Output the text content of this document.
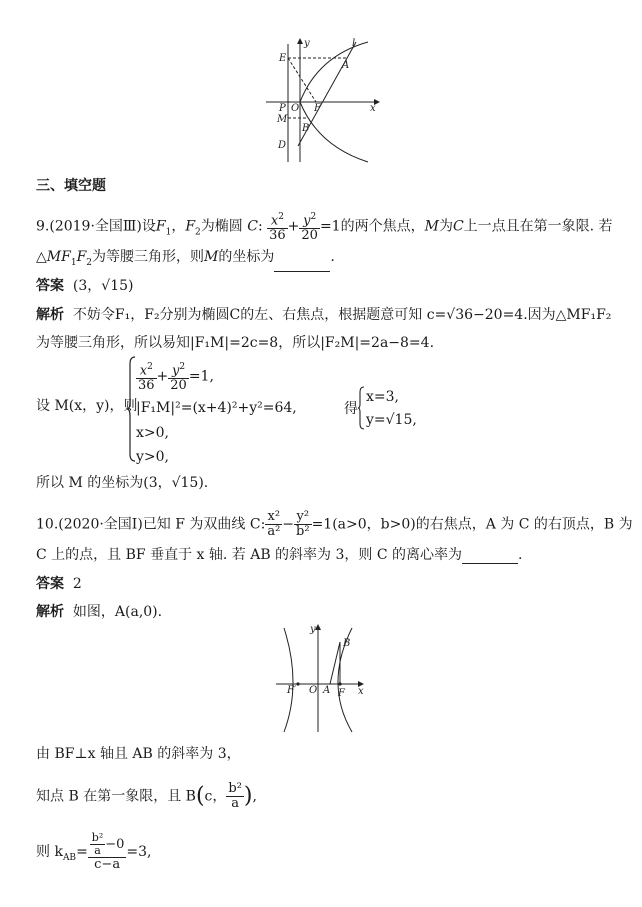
y	l
E
A
P O F	x
M
B
D
三、填空题
9.(2019·全国Ⅲ)设$F_1$，$F_2$为椭圆 C: $\frac{x^2}{36} + \frac{y^2}{20} =1$的两个焦点，M为C上一点且在第一象限. 若
$\triangle MF_1F_2$为等腰三角形，则M的坐标为	.
答案 (3，√15)
解析 不妨令F₁，F₂分别为椭圆C的左、右焦点，根据题意可知 c=√36−20=4.因为△MF₁F₂
为等腰三角形，所以易知|F₁M|=2c=8，所以|F₂M|=2a−8=4.
设 M(x，y)，则
$\frac{x^2}{36} + \frac{y^2}{20} =1$,
|F₁M|²=(x+4)²+y²=64,
x>0,
y>0,
得
x=3,
y=√15,
所以 M 的坐标为(3，√15).
10.(2020·全国Ⅰ)已知 F 为双曲线 C: $\frac{\text{x²}}{\text{a²}} - \frac{\text{y²}}{\text{b²}} =1(a>0$，b>0)的右焦点，A 为 C 的右顶点，B 为
C 上的点，且 BF 垂直于 x 轴. 若 AB 的斜率为 3，则 C 的离心率为	.
答案 2
解析 如图，A(a,0).
y
B
F′ O A F x
由 BF⊥x 轴且 AB 的斜率为 3，
知点 B 在第一象限，且 B(c， $\frac{\text{b²}}{a}$ ),
则 $k_{AB}= \frac{\frac{\text{b²}}{a} -0}{c-a} =3$,
